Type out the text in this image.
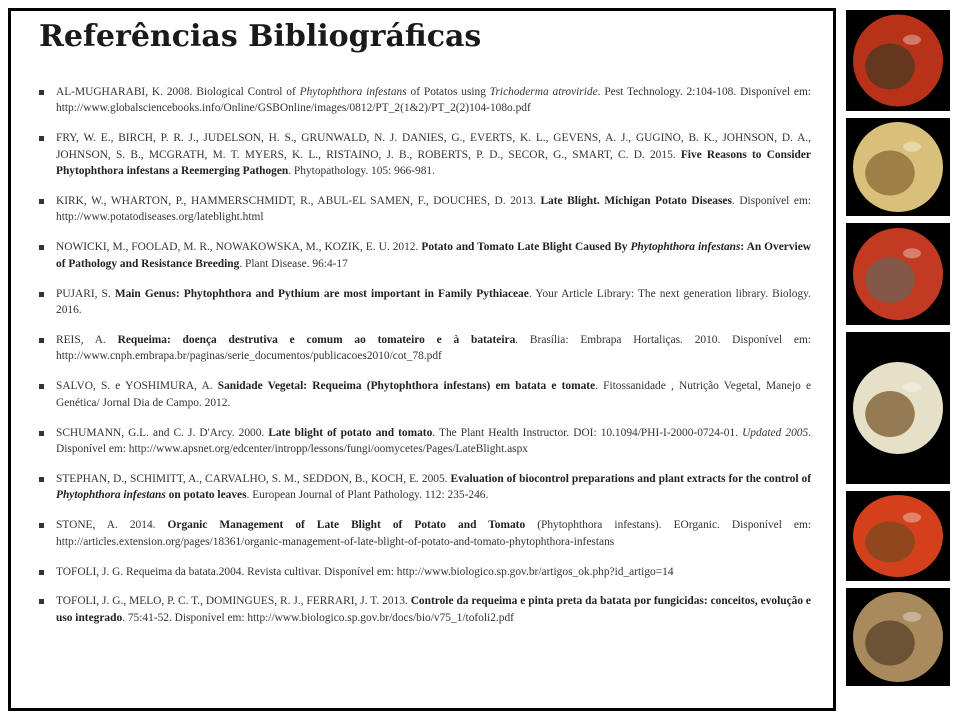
Referências Bibliográficas
AL-MUGHARABI, K. 2008. Biological Control of Phytophthora infestans of Potatos using Trichoderma atroviride. Pest Technology. 2:104-108. Disponível em: http://www.globalsciencebooks.info/Online/GSBOnline/images/0812/PT_2(1&2)/PT_2(2)104-108o.pdf
FRY, W. E., BIRCH, P. R. J., JUDELSON, H. S., GRUNWALD, N. J. DANIES, G., EVERTS, K. L., GEVENS, A. J., GUGINO, B. K., JOHNSON, D. A., JOHNSON, S. B., MCGRATH, M. T. MYERS, K. L., RISTAINO, J. B., ROBERTS, P. D., SECOR, G., SMART, C. D. 2015. Five Reasons to Consider Phytophthora infestans a Reemerging Pathogen. Phytopathology. 105: 966-981.
KIRK, W., WHARTON, P., HAMMERSCHMIDT, R., ABUL-EL SAMEN, F., DOUCHES, D. 2013. Late Blight. Michigan Potato Diseases. Disponível em: http://www.potatodiseases.org/lateblight.html
NOWICKI, M., FOOLAD, M. R., NOWAKOWSKA, M., KOZIK, E. U. 2012. Potato and Tomato Late Blight Caused By Phytophthora infestans: An Overview of Pathology and Resistance Breeding. Plant Disease. 96:4-17
PUJARI, S. Main Genus: Phytophthora and Pythium are most important in Family Pythiaceae. Your Article Library: The next generation library. Biology. 2016.
REIS, A. Requeima: doença destrutiva e comum ao tomateiro e à batateira. Brasília: Embrapa Hortaliças. 2010. Disponível em: http://www.cnph.embrapa.br/paginas/serie_documentos/publicacoes2010/cot_78.pdf
SALVO, S. e YOSHIMURA, A. Sanidade Vegetal: Requeima (Phytophthora infestans) em batata e tomate. Fitossanidade , Nutrição Vegetal, Manejo e Genética/ Jornal Dia de Campo. 2012.
SCHUMANN, G.L. and C. J. D'Arcy. 2000. Late blight of potato and tomato. The Plant Health Instructor. DOI: 10.1094/PHI-I-2000-0724-01. Updated 2005. Disponível em: http://www.apsnet.org/edcenter/intropp/lessons/fungi/oomycetes/Pages/LateBlight.aspx
STEPHAN, D., SCHIMITT, A., CARVALHO, S. M., SEDDON, B., KOCH, E. 2005. Evaluation of biocontrol preparations and plant extracts for the control of Phytophthora infestans on potato leaves. European Journal of Plant Pathology. 112: 235-246.
STONE, A. 2014. Organic Management of Late Blight of Potato and Tomato (Phytophthora infestans). EOrganic. Disponível em: http://articles.extension.org/pages/18361/organic-management-of-late-blight-of-potato-and-tomato-phytophthora-infestans
TOFOLI, J. G. Requeima da batata.2004. Revista cultivar. Disponível em: http://www.biologico.sp.gov.br/artigos_ok.php?id_artigo=14
TOFOLI, J. G., MELO, P. C. T., DOMINGUES, R. J., FERRARI, J. T. 2013. Controle da requeima e pinta preta da batata por fungicidas: conceitos, evolução e uso integrado. 75:41-52. Disponível em: http://www.biologico.sp.gov.br/docs/bio/v75_1/tofoli2.pdf
